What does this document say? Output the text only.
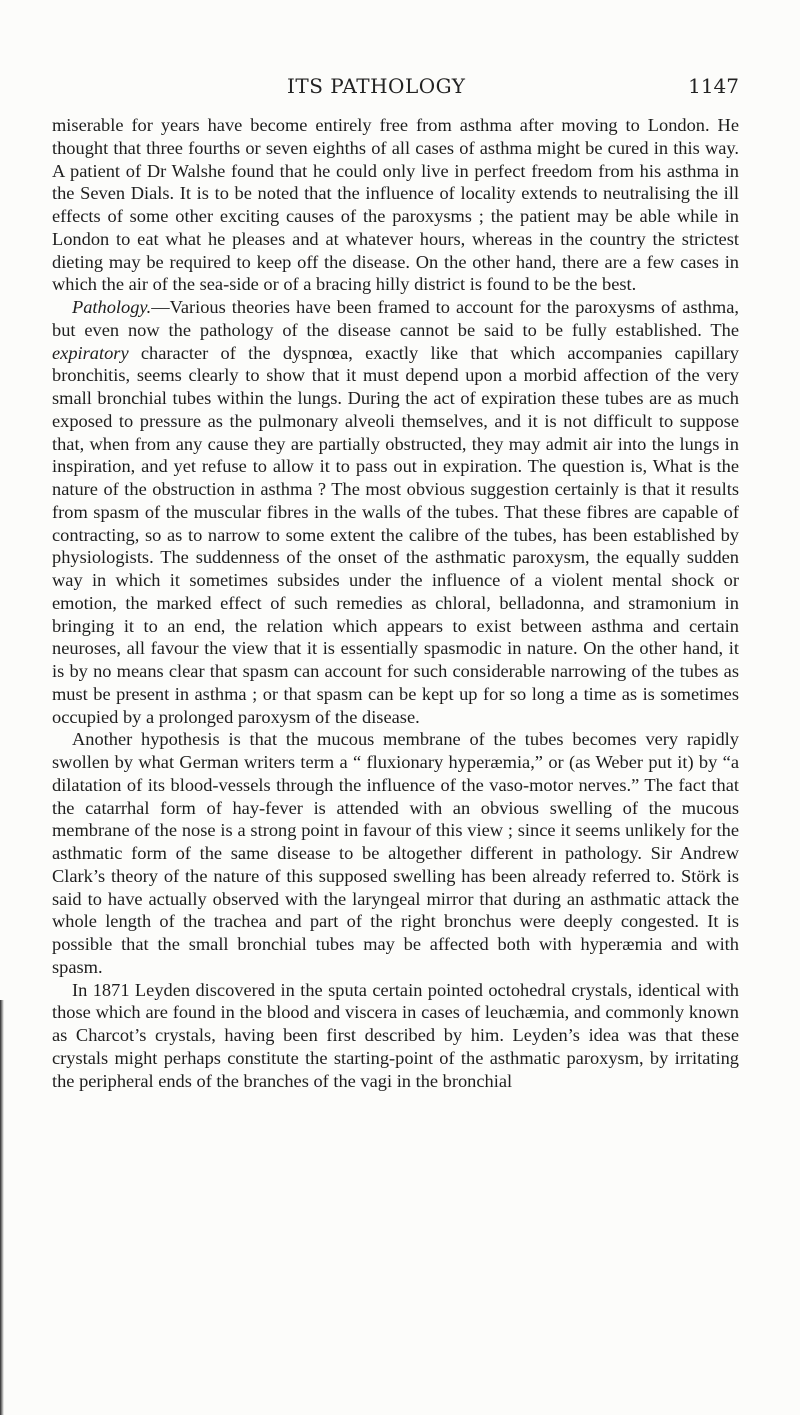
ITS PATHOLOGY	1147

miserable for years have become entirely free from asthma after moving to London. He thought that three fourths or seven eighths of all cases of asthma might be cured in this way. A patient of Dr Walshe found that he could only live in perfect freedom from his asthma in the Seven Dials. It is to be noted that the influence of locality extends to neutralising the ill effects of some other exciting causes of the paroxysms ; the patient may be able while in London to eat what he pleases and at whatever hours, whereas in the country the strictest dieting may be required to keep off the disease. On the other hand, there are a few cases in which the air of the sea-side or of a bracing hilly district is found to be the best.

Pathology.—Various theories have been framed to account for the paroxysms of asthma, but even now the pathology of the disease cannot be said to be fully established. The expiratory character of the dyspnœa, exactly like that which accompanies capillary bronchitis, seems clearly to show that it must depend upon a morbid affection of the very small bronchial tubes within the lungs. During the act of expiration these tubes are as much exposed to pressure as the pulmonary alveoli themselves, and it is not difficult to suppose that, when from any cause they are partially obstructed, they may admit air into the lungs in inspiration, and yet refuse to allow it to pass out in expiration. The question is, What is the nature of the obstruction in asthma ? The most obvious suggestion certainly is that it results from spasm of the muscular fibres in the walls of the tubes. That these fibres are capable of contracting, so as to narrow to some extent the calibre of the tubes, has been established by physiologists. The suddenness of the onset of the asthmatic paroxysm, the equally sudden way in which it sometimes subsides under the influence of a violent mental shock or emotion, the marked effect of such remedies as chloral, belladonna, and stramonium in bringing it to an end, the relation which appears to exist between asthma and certain neuroses, all favour the view that it is essentially spasmodic in nature. On the other hand, it is by no means clear that spasm can account for such considerable narrowing of the tubes as must be present in asthma ; or that spasm can be kept up for so long a time as is sometimes occupied by a prolonged paroxysm of the disease.

Another hypothesis is that the mucous membrane of the tubes becomes very rapidly swollen by what German writers term a “ fluxionary hyperæmia,” or (as Weber put it) by “a dilatation of its blood-vessels through the influence of the vaso-motor nerves.” The fact that the catarrhal form of hay-fever is attended with an obvious swelling of the mucous membrane of the nose is a strong point in favour of this view ; since it seems unlikely for the asthmatic form of the same disease to be altogether different in pathology. Sir Andrew Clark’s theory of the nature of this supposed swelling has been already referred to. Störk is said to have actually observed with the laryngeal mirror that during an asthmatic attack the whole length of the trachea and part of the right bronchus were deeply congested. It is possible that the small bronchial tubes may be affected both with hyperæmia and with spasm.

In 1871 Leyden discovered in the sputa certain pointed octohedral crystals, identical with those which are found in the blood and viscera in cases of leuchæmia, and commonly known as Charcot’s crystals, having been first described by him. Leyden’s idea was that these crystals might perhaps constitute the starting-point of the asthmatic paroxysm, by irritating the peripheral ends of the branches of the vagi in the bronchial
